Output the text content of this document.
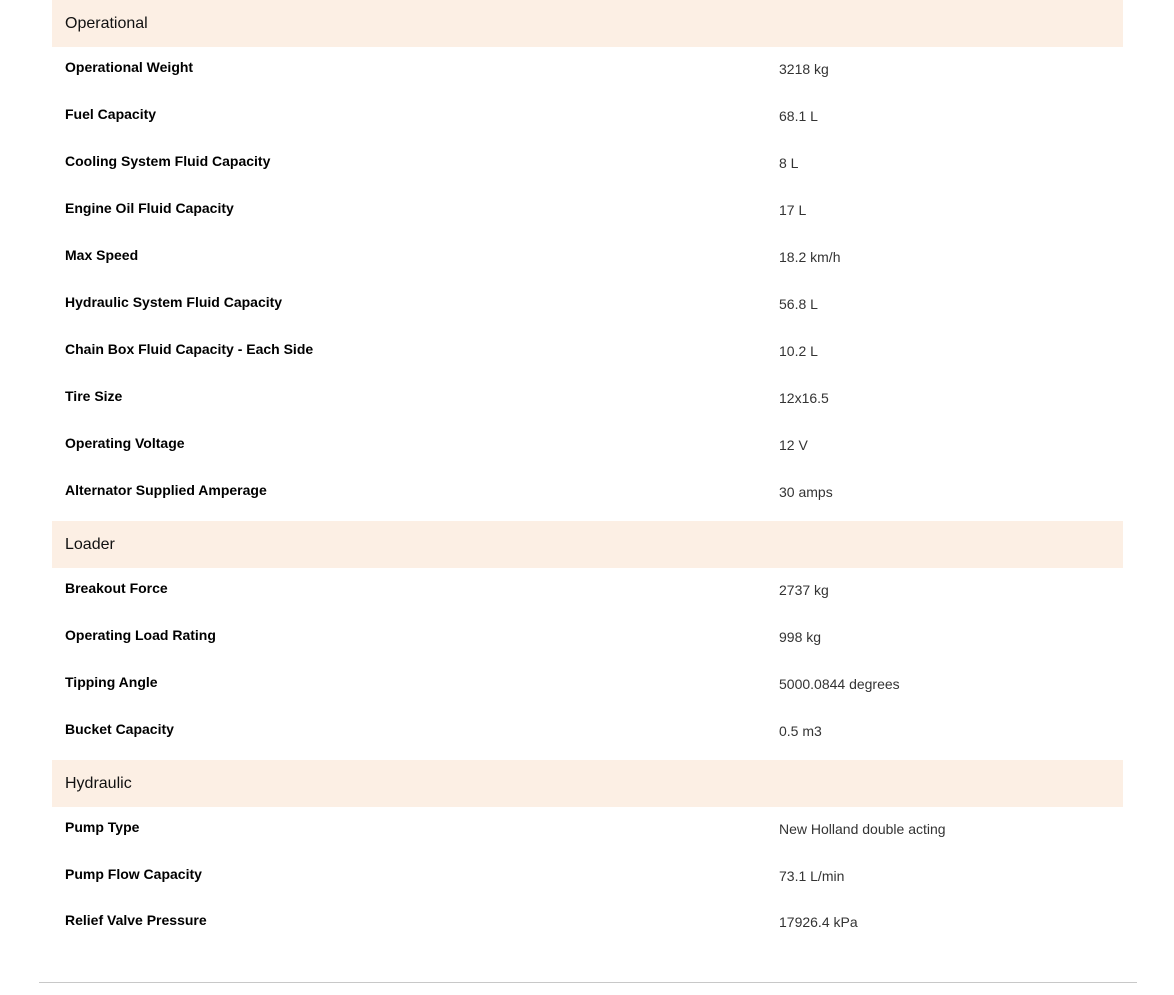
Operational
Operational Weight	3218 kg
Fuel Capacity	68.1 L
Cooling System Fluid Capacity	8 L
Engine Oil Fluid Capacity	17 L
Max Speed	18.2 km/h
Hydraulic System Fluid Capacity	56.8 L
Chain Box Fluid Capacity - Each Side	10.2 L
Tire Size	12x16.5
Operating Voltage	12 V
Alternator Supplied Amperage	30 amps
Loader
Breakout Force	2737 kg
Operating Load Rating	998 kg
Tipping Angle	5000.0844 degrees
Bucket Capacity	0.5 m3
Hydraulic
Pump Type	New Holland double acting
Pump Flow Capacity	73.1 L/min
Relief Valve Pressure	17926.4 kPa
